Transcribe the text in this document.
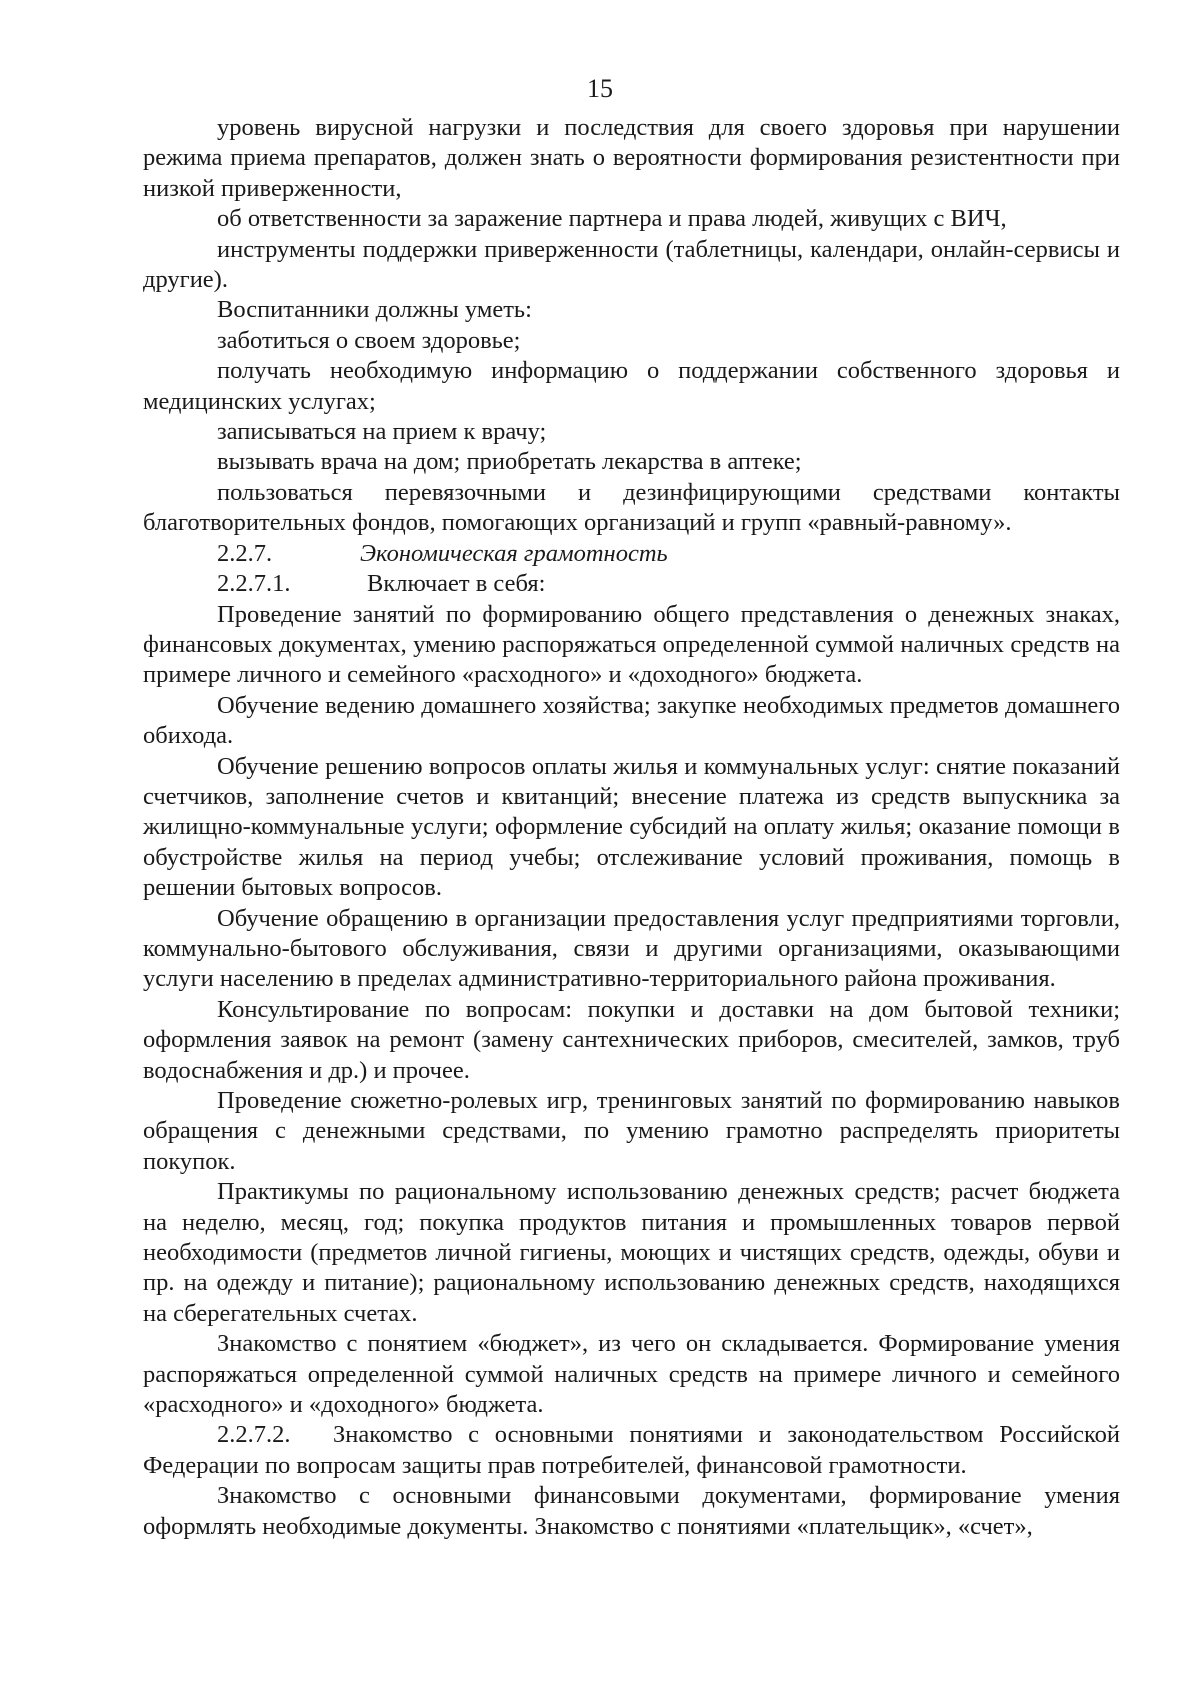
15

уровень вирусной нагрузки и последствия для своего здоровья при нарушении режима приема препаратов, должен знать о вероятности формирования резистентности при низкой приверженности,

об ответственности за заражение партнера и права людей, живущих с ВИЧ,

инструменты поддержки приверженности (таблетницы, календари, онлайн-сервисы и другие).

Воспитанники должны уметь:

заботиться о своем здоровье;

получать необходимую информацию о поддержании собственного здоровья и медицинских услугах;

записываться на прием к врачу;

вызывать врача на дом; приобретать лекарства в аптеке;

пользоваться перевязочными и дезинфицирующими средствами контакты благотворительных фондов, помогающих организаций и групп «равный-равному».

2.2.7.	Экономическая грамотность
2.2.7.1.	Включает в себя:

Проведение занятий по формированию общего представления о денежных знаках, финансовых документах, умению распоряжаться определенной суммой наличных средств на примере личного и семейного «расходного» и «доходного» бюджета.

Обучение ведению домашнего хозяйства; закупке необходимых предметов домашнего обихода.

Обучение решению вопросов оплаты жилья и коммунальных услуг: снятие показаний счетчиков, заполнение счетов и квитанций; внесение платежа из средств выпускника за жилищно-коммунальные услуги; оформление субсидий на оплату жилья; оказание помощи в обустройстве жилья на период учебы; отслеживание условий проживания, помощь в решении бытовых вопросов.

Обучение обращению в организации предоставления услуг предприятиями торговли, коммунально-бытового обслуживания, связи и другими организациями, оказывающими услуги населению в пределах административно-территориального района проживания.

Консультирование по вопросам: покупки и доставки на дом бытовой техники; оформления заявок на ремонт (замену сантехнических приборов, смесителей, замков, труб водоснабжения и др.) и прочее.

Проведение сюжетно-ролевых игр, тренинговых занятий по формированию навыков обращения с денежными средствами, по умению грамотно распределять приоритеты покупок.

Практикумы по рациональному использованию денежных средств; расчет бюджета на неделю, месяц, год; покупка продуктов питания и промышленных товаров первой необходимости (предметов личной гигиены, моющих и чистящих средств, одежды, обуви и пр. на одежду и питание); рациональному использованию денежных средств, находящихся на сберегательных счетах.

Знакомство с понятием «бюджет», из чего он складывается. Формирование умения распоряжаться определенной суммой наличных средств на примере личного и семейного «расходного» и «доходного» бюджета.

2.2.7.2. Знакомство с основными понятиями и законодательством Российской Федерации по вопросам защиты прав потребителей, финансовой грамотности.

Знакомство с основными финансовыми документами, формирование умения оформлять необходимые документы. Знакомство с понятиями «плательщик», «счет»,
